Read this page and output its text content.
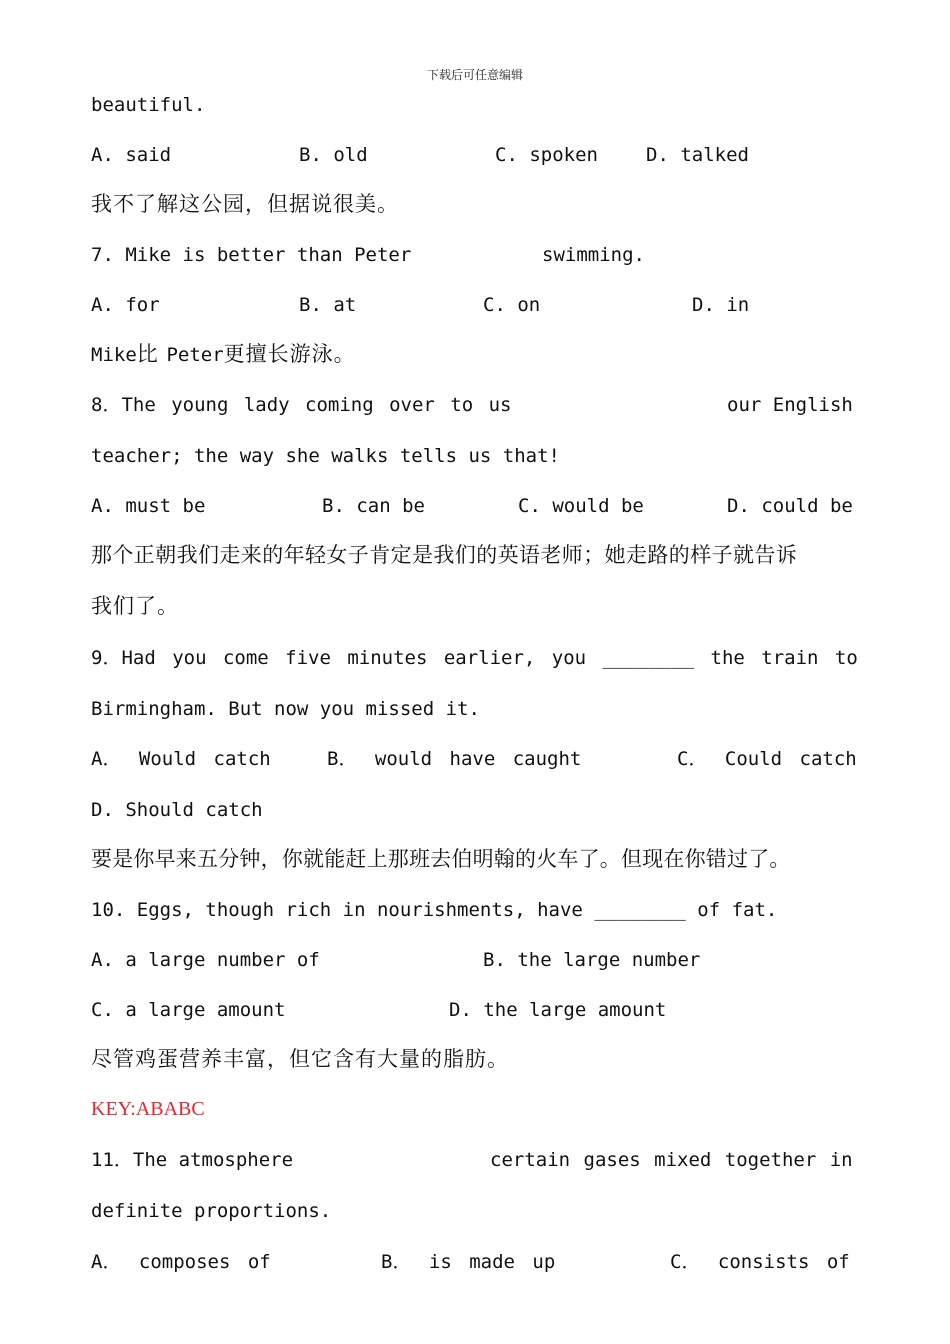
下载后可任意编辑
beautiful.
A. said	B. old	C. spoken	D. talked
我不了解这公园，但据说很美。
7. Mike is better than Peter	swimming.
A. for	B. at	C. on	D. in
Mike比 Peter更擅长游泳。
8．The young lady coming over to us	our English
teacher; the way she walks tells us that!
A. must be	B. can be	C. would be	D. could be
那个正朝我们走来的年轻女子肯定是我们的英语老师；她走路的样子就告诉
我们了。
9．Had you come five minutes earlier, you ________ the train to
Birmingham. But now you missed it.
A． Would catch	B． would have caught	C． Could catch
D. Should catch
要是你早来五分钟，你就能赶上那班去伯明翰的火车了。但现在你错过了。
10. Eggs, though rich in nourishments, have ________ of fat.
A. a large number of	B. the large number
C. a large amount	D. the large amount
尽管鸡蛋营养丰富，但它含有大量的脂肪。
KEY:ABABC
11．The atmosphere	certain gases mixed together in
definite proportions.
A． composes of	B． is made up	C． consists of
